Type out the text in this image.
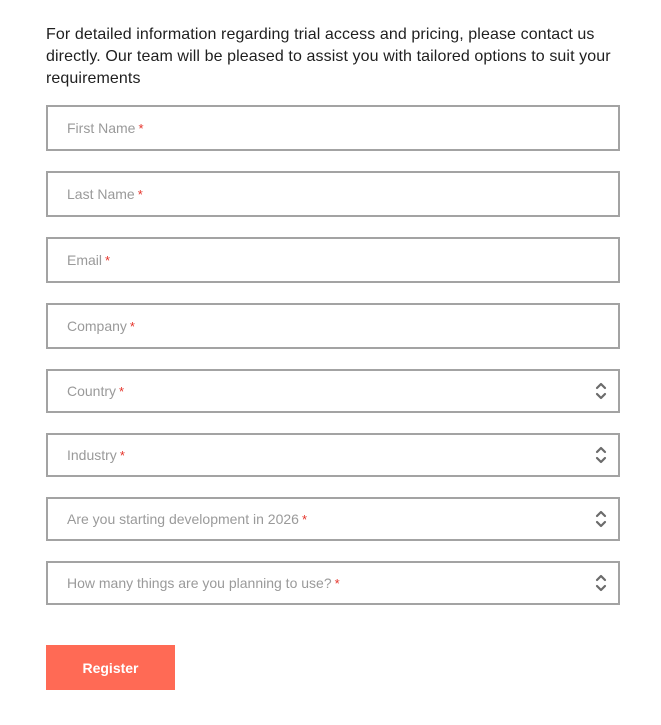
For detailed information regarding trial access and pricing, please contact us directly. Our team will be pleased to assist you with tailored options to suit your requirements

First Name *
Last Name *
Email *
Company *
Country *
Industry *
Are you starting development in 2026 *
How many things are you planning to use? *
Register
